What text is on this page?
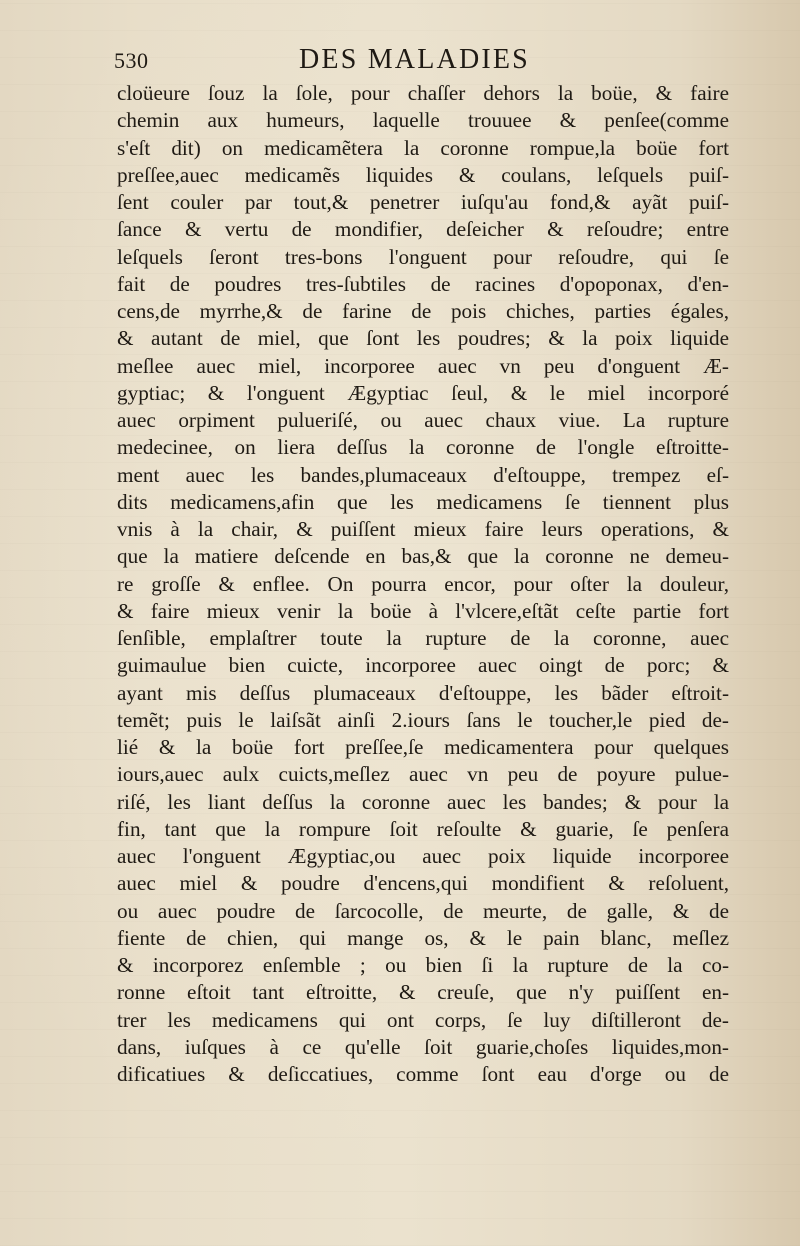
530	DES MALADIES
cloüeure ſouz la ſole, pour chaſſer dehors la boüe, & faire
chemin aux humeurs, laquelle trouuee & penſee(comme
s'eſt dit) on medicamẽtera la coronne rompue,la boüe fort
preſſee,auec medicamẽs liquides & coulans, leſquels puiſ-
ſent couler par tout,& penetrer iuſqu'au fond,& ayãt puiſ-
ſance & vertu de mondifier, deſeicher & reſoudre; entre
leſquels ſeront tres-bons l'onguent pour reſoudre, qui ſe
fait de poudres tres-ſubtiles de racines d'opoponax, d'en-
cens,de myrrhe,& de farine de pois chiches, parties égales,
& autant de miel, que ſont les poudres; & la poix liquide
meſlee auec miel, incorporee auec vn peu d'onguent Æ-
gyptiac; & l'onguent Ægyptiac ſeul, & le miel incorporé
auec orpiment pulueriſé, ou auec chaux viue. La rupture
medecinee, on liera deſſus la coronne de l'ongle eſtroitte-
ment auec les bandes,plumaceaux d'eſtouppe, trempez eſ-
dits medicamens,afin que les medicamens ſe tiennent plus
vnis à la chair, & puiſſent mieux faire leurs operations, &
que la matiere deſcende en bas,& que la coronne ne demeu-
re groſſe & enflee. On pourra encor, pour oſter la douleur,
& faire mieux venir la boüe à l'vlcere,eſtãt ceſte partie fort
ſenſible, emplaſtrer toute la rupture de la coronne, auec
guimaulue bien cuicte, incorporee auec oingt de porc; &
ayant mis deſſus plumaceaux d'eſtouppe, les bãder eſtroit-
temẽt; puis le laiſsãt ainſi 2.iours ſans le toucher,le pied de-
lié & la boüe fort preſſee,ſe medicamentera pour quelques
iours,auec aulx cuicts,meſlez auec vn peu de poyure pulue-
riſé, les liant deſſus la coronne auec les bandes; & pour la
fin, tant que la rompure ſoit reſoulte & guarie, ſe penſera
auec l'onguent Ægyptiac,ou auec poix liquide incorporee
auec miel & poudre d'encens,qui mondifient & reſoluent,
ou auec poudre de ſarcocolle, de meurte, de galle, & de
fiente de chien, qui mange os, & le pain blanc, meſlez
& incorporez enſemble ; ou bien ſi la rupture de la co-
ronne eſtoit tant eſtroitte, & creuſe, que n'y puiſſent en-
trer les medicamens qui ont corps, ſe luy diſtilleront de-
dans, iuſques à ce qu'elle ſoit guarie,choſes liquides,mon-
dificatiues & deſiccatiues, comme ſont eau d'orge ou de
